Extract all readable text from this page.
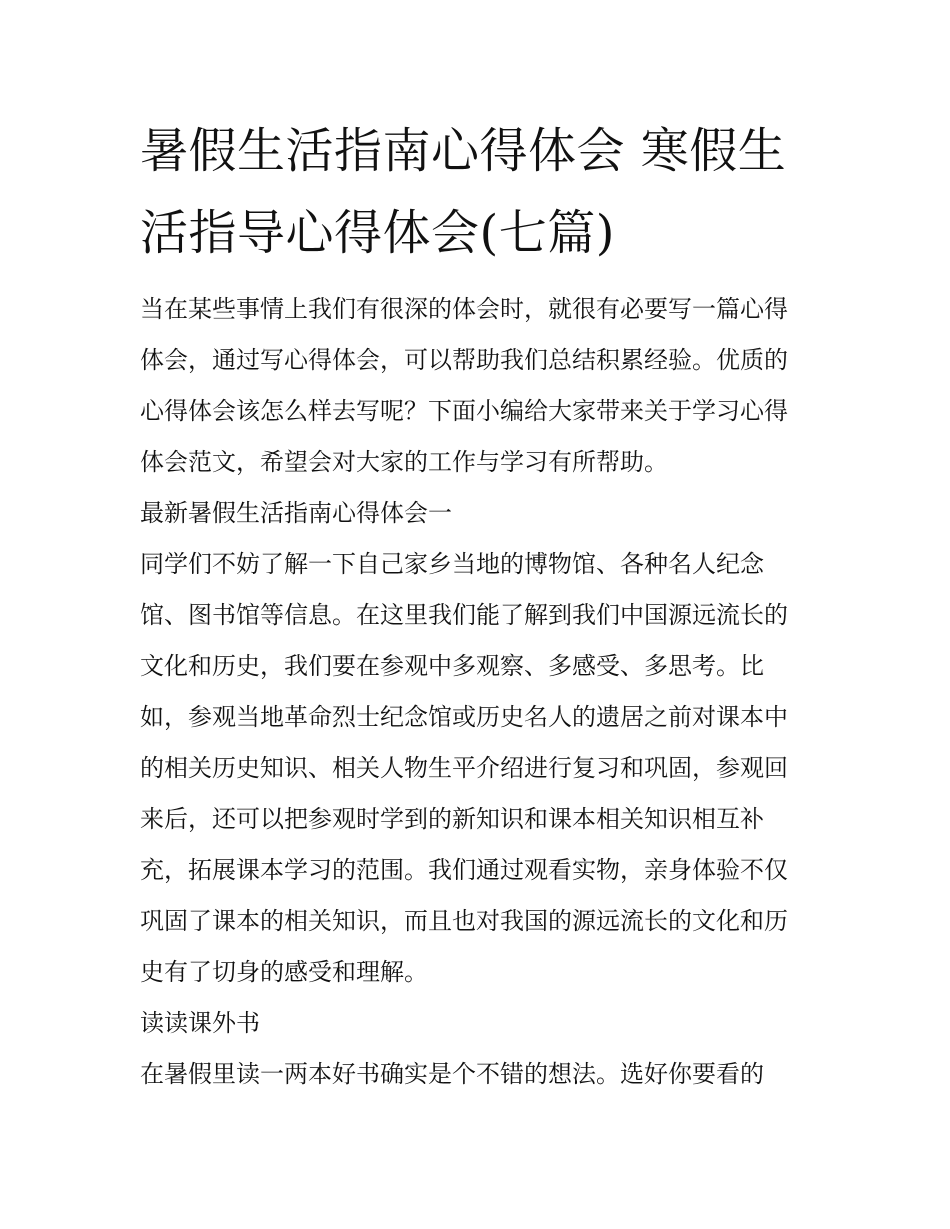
暑假生活指南心得体会 寒假生
活指导心得体会(七篇)
当在某些事情上我们有很深的体会时，就很有必要写一篇心得
体会，通过写心得体会，可以帮助我们总结积累经验。优质的
心得体会该怎么样去写呢？下面小编给大家带来关于学习心得
体会范文，希望会对大家的工作与学习有所帮助。
最新暑假生活指南心得体会一
同学们不妨了解一下自己家乡当地的博物馆、各种名人纪念
馆、图书馆等信息。在这里我们能了解到我们中国源远流长的
文化和历史，我们要在参观中多观察、多感受、多思考。比
如，参观当地革命烈士纪念馆或历史名人的遗居之前对课本中
的相关历史知识、相关人物生平介绍进行复习和巩固，参观回
来后，还可以把参观时学到的新知识和课本相关知识相互补
充，拓展课本学习的范围。我们通过观看实物，亲身体验不仅
巩固了课本的相关知识，而且也对我国的源远流长的文化和历
史有了切身的感受和理解。
读读课外书
在暑假里读一两本好书确实是个不错的想法。选好你要看的
